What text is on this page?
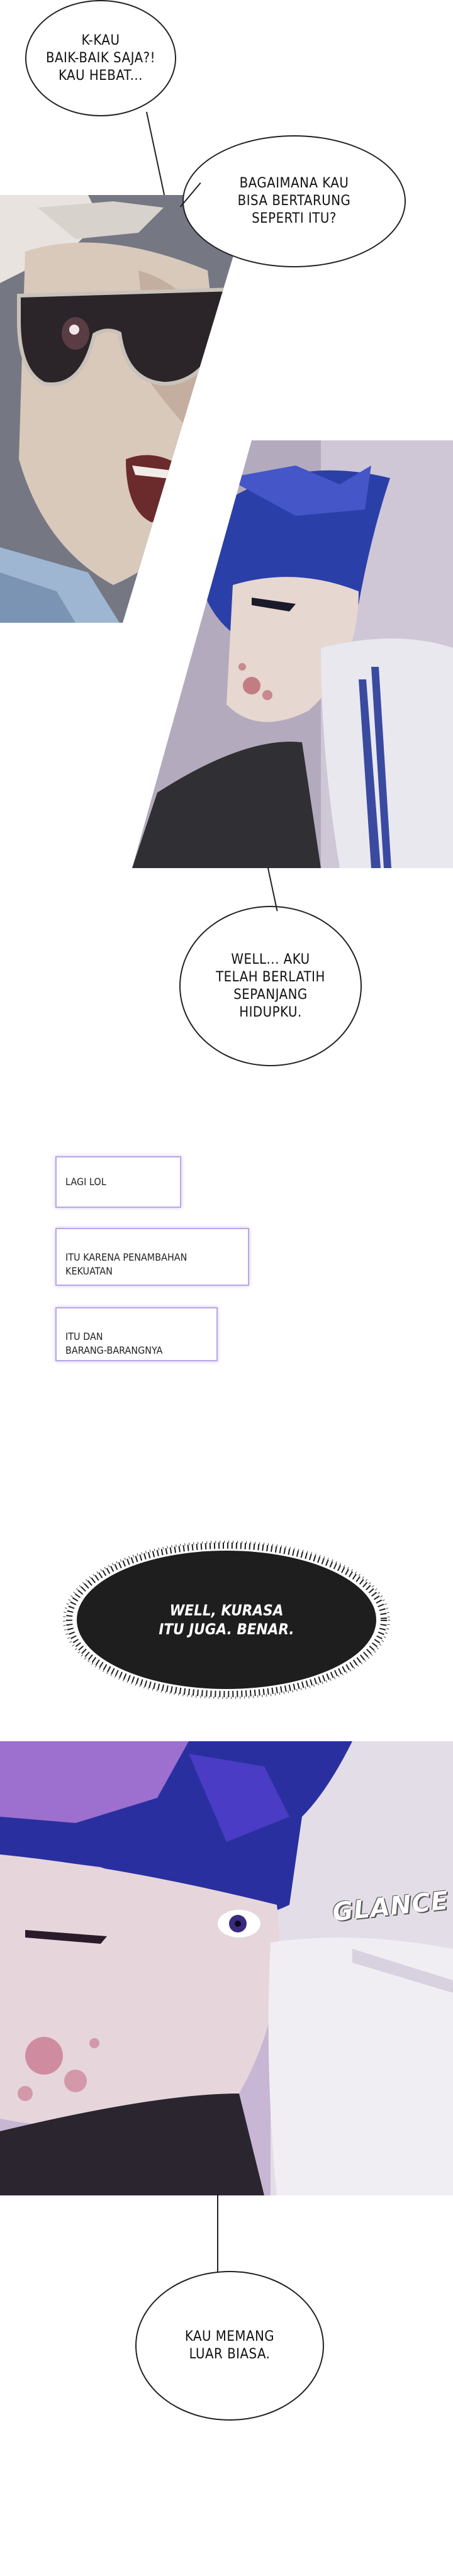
K-KAU
BAIK-BAIK SAJA?!
KAU HEBAT...
BAGAIMANA KAU
BISA BERTARUNG
SEPERTI ITU?
WELL... AKU
TELAH BERLATIH
SEPANJANG
HIDUPKU.
LAGI LOL

ITU KARENA PENAMBAHAN
KEKUATAN

ITU DAN
BARANG-BARANGNYA

WELL, KURASA
ITU JUGA. BENAR.
GLANCE
KAU MEMANG
LUAR BIASA.
